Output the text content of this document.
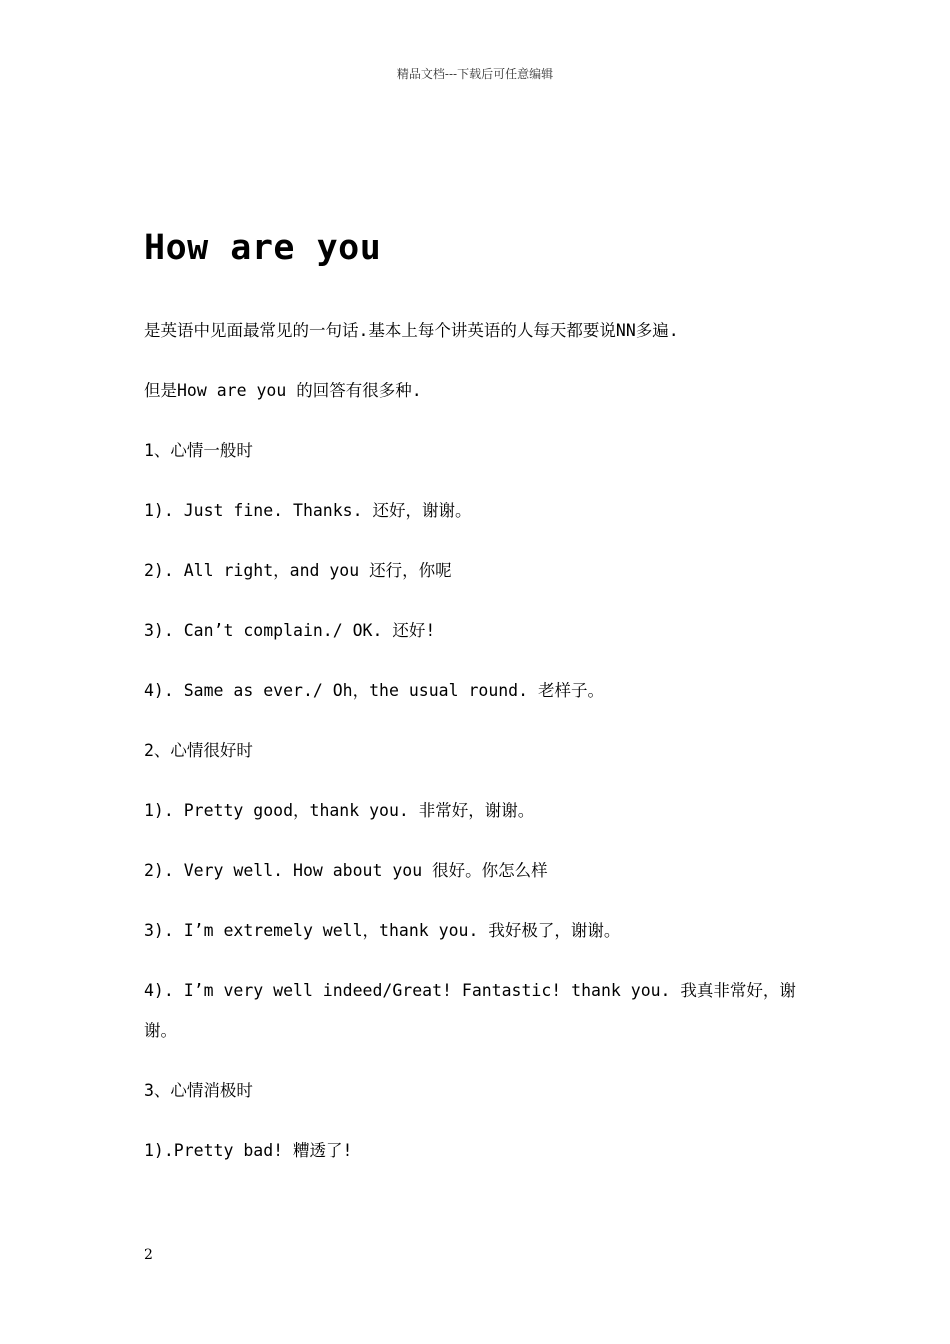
精品文档---下载后可任意编辑
How are you

是英语中见面最常见的一句话.基本上每个讲英语的人每天都要说NN多遍.

但是How are you 的回答有很多种.

1、心情一般时

1). Just fine. Thanks. 还好，谢谢。

2). All right，and you 还行，你呢

3). Can’t complain./ OK. 还好!

4). Same as ever./ Oh，the usual round. 老样子。

2、心情很好时

1). Pretty good，thank you. 非常好，谢谢。

2). Very well. How about you 很好。你怎么样

3). I’m extremely well，thank you. 我好极了，谢谢。

4). I’m very well indeed/Great! Fantastic! thank you. 我真非常好，谢谢。

3、心情消极时

1).Pretty bad! 糟透了!

2
